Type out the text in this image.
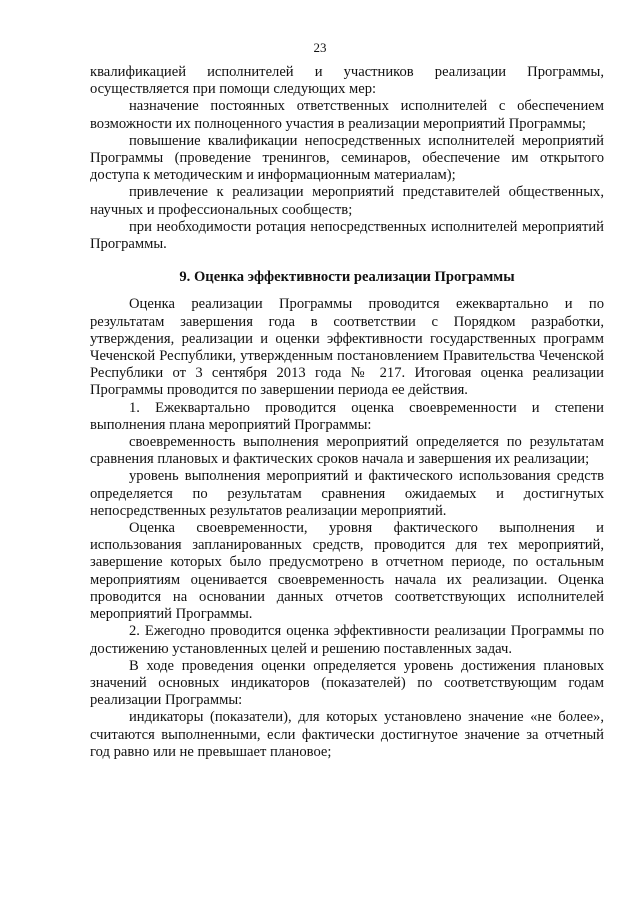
23

квалификацией исполнителей и участников реализации Программы, осуществляется при помощи следующих мер:

назначение постоянных ответственных исполнителей с обеспечением возможности их полноценного участия в реализации мероприятий Программы;

повышение квалификации непосредственных исполнителей мероприятий Программы (проведение тренингов, семинаров, обеспечение им открытого доступа к методическим и информационным материалам);

привлечение к реализации мероприятий представителей общественных, научных и профессиональных сообществ;

при необходимости ротация непосредственных исполнителей мероприятий Программы.

9. Оценка эффективности реализации Программы

Оценка реализации Программы проводится ежеквартально и по результатам завершения года в соответствии с Порядком разработки, утверждения, реализации и оценки эффективности государственных программ Чеченской Республики, утвержденным постановлением Правительства Чеченской Республики от 3 сентября 2013 года № 217. Итоговая оценка реализации Программы проводится по завершении периода ее действия.

1. Ежеквартально проводится оценка своевременности и степени выполнения плана мероприятий Программы:

своевременность выполнения мероприятий определяется по результатам сравнения плановых и фактических сроков начала и завершения их реализации;

уровень выполнения мероприятий и фактического использования средств определяется по результатам сравнения ожидаемых и достигнутых непосредственных результатов реализации мероприятий.

Оценка своевременности, уровня фактического выполнения и использования запланированных средств, проводится для тех мероприятий, завершение которых было предусмотрено в отчетном периоде, по остальным мероприятиям оценивается своевременность начала их реализации. Оценка проводится на основании данных отчетов соответствующих исполнителей мероприятий Программы.

2. Ежегодно проводится оценка эффективности реализации Программы по достижению установленных целей и решению поставленных задач.

В ходе проведения оценки определяется уровень достижения плановых значений основных индикаторов (показателей) по соответствующим годам реализации Программы:

индикаторы (показатели), для которых установлено значение «не более», считаются выполненными, если фактически достигнутое значение за отчетный год равно или не превышает плановое;
